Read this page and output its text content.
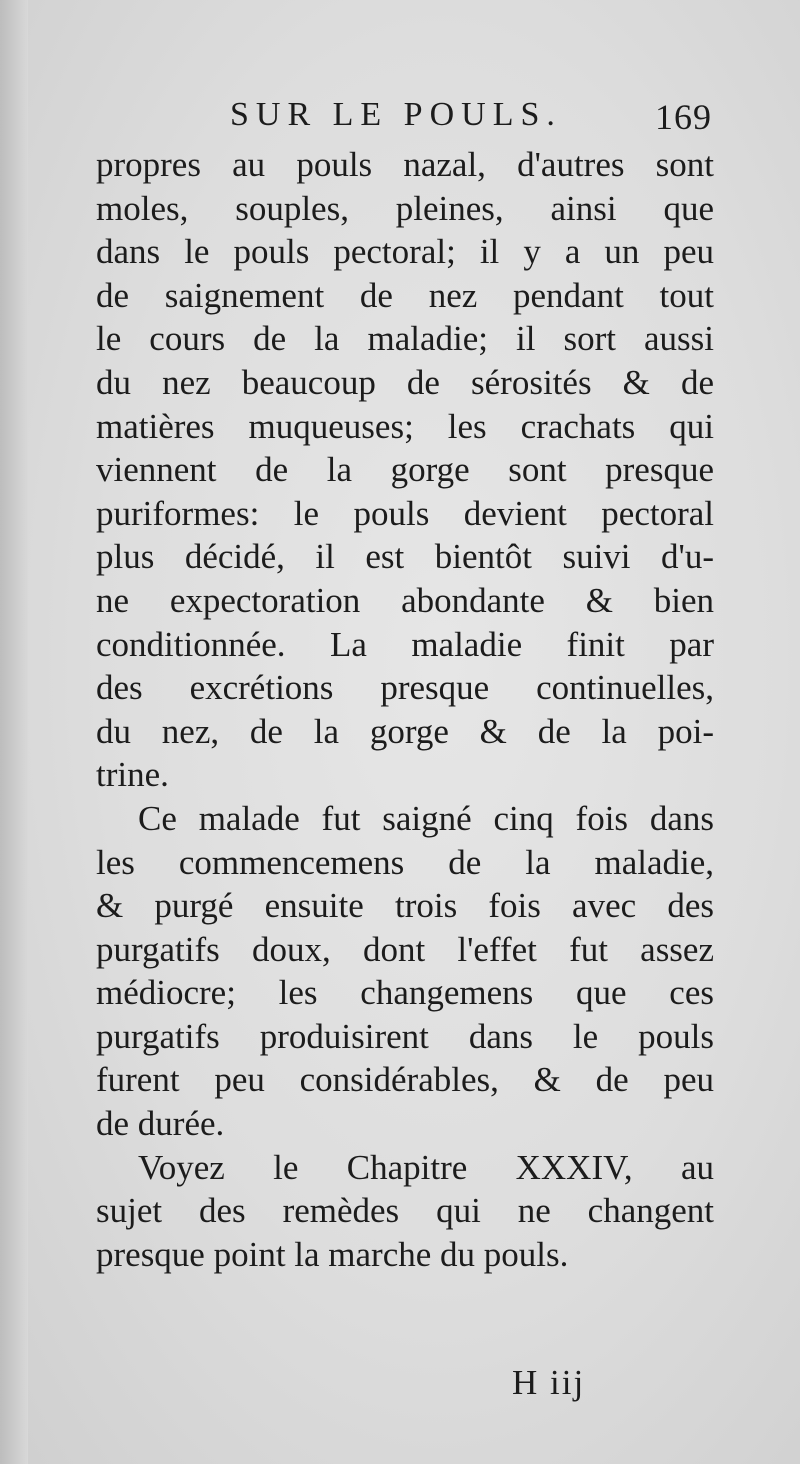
SUR LE POULS.	169
propres au pouls nazal, d'autres sont
moles, souples, pleines, ainsi que
dans le pouls pectoral; il y a un peu
de saignement de nez pendant tout
le cours de la maladie; il sort aussi
du nez beaucoup de sérosités & de
matières muqueuses; les crachats qui
viennent de la gorge sont presque
puriformes: le pouls devient pectoral
plus décidé, il est bientôt suivi d'u-
ne expectoration abondante & bien
conditionnée. La maladie finit par
des excrétions presque continuelles,
du nez, de la gorge & de la poi-
trine.
Ce malade fut saigné cinq fois dans
les commencemens de la maladie,
& purgé ensuite trois fois avec des
purgatifs doux, dont l'effet fut assez
médiocre; les changemens que ces
purgatifs produisirent dans le pouls
furent peu considérables, & de peu
de durée.
Voyez le Chapitre XXXIV, au
sujet des remèdes qui ne changent
presque point la marche du pouls.
H iij
